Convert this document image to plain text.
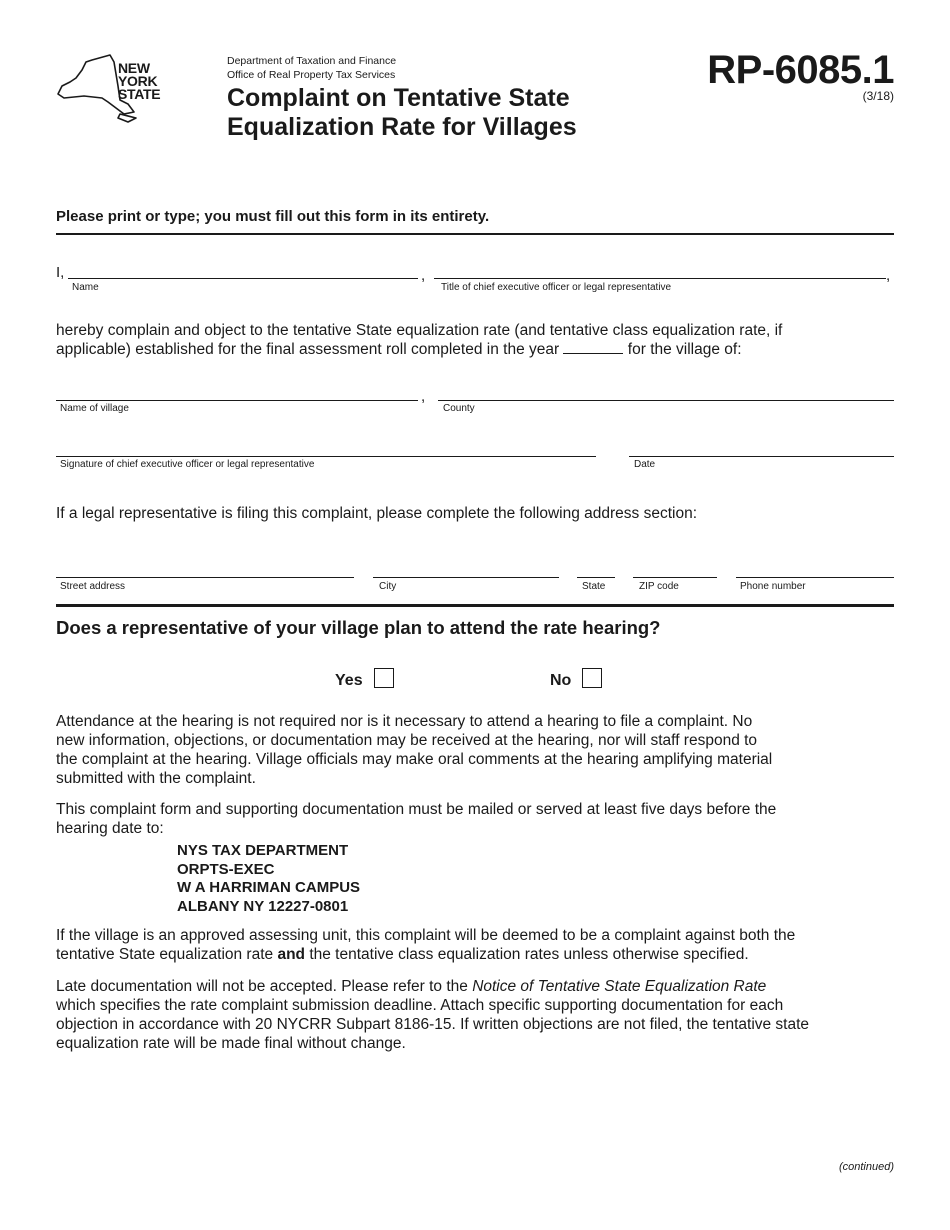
NEW
YORK
STATE
Department of Taxation and Finance
Office of Real Property Tax Services
Complaint on Tentative State
Equalization Rate for Villages
RP-6085.1
(3/18)
Please print or type; you must fill out this form in its entirety.
I,	,	,
Name	Title of chief executive officer or legal representative
hereby complain and object to the tentative State equalization rate (and tentative class equalization rate, if
applicable) established for the final assessment roll completed in the year	for the village of:
,
Name of village	County
Signature of chief executive officer or legal representative	Date
If a legal representative is filing this complaint, please complete the following address section:
Street address	City	State	ZIP code	Phone number
Does a representative of your village plan to attend the rate hearing?
Yes	No
Attendance at the hearing is not required nor is it necessary to attend a hearing to file a complaint. No
new information, objections, or documentation may be received at the hearing, nor will staff respond to
the complaint at the hearing. Village officials may make oral comments at the hearing amplifying material
submitted with the complaint.
This complaint form and supporting documentation must be mailed or served at least five days before the
hearing date to:
NYS TAX DEPARTMENT
ORPTS-EXEC
W A HARRIMAN CAMPUS
ALBANY NY 12227-0801
If the village is an approved assessing unit, this complaint will be deemed to be a complaint against both the
tentative State equalization rate and the tentative class equalization rates unless otherwise specified.
Late documentation will not be accepted. Please refer to the Notice of Tentative State Equalization Rate
which specifies the rate complaint submission deadline. Attach specific supporting documentation for each
objection in accordance with 20 NYCRR Subpart 8186-15. If written objections are not filed, the tentative state
equalization rate will be made final without change.
(continued)
